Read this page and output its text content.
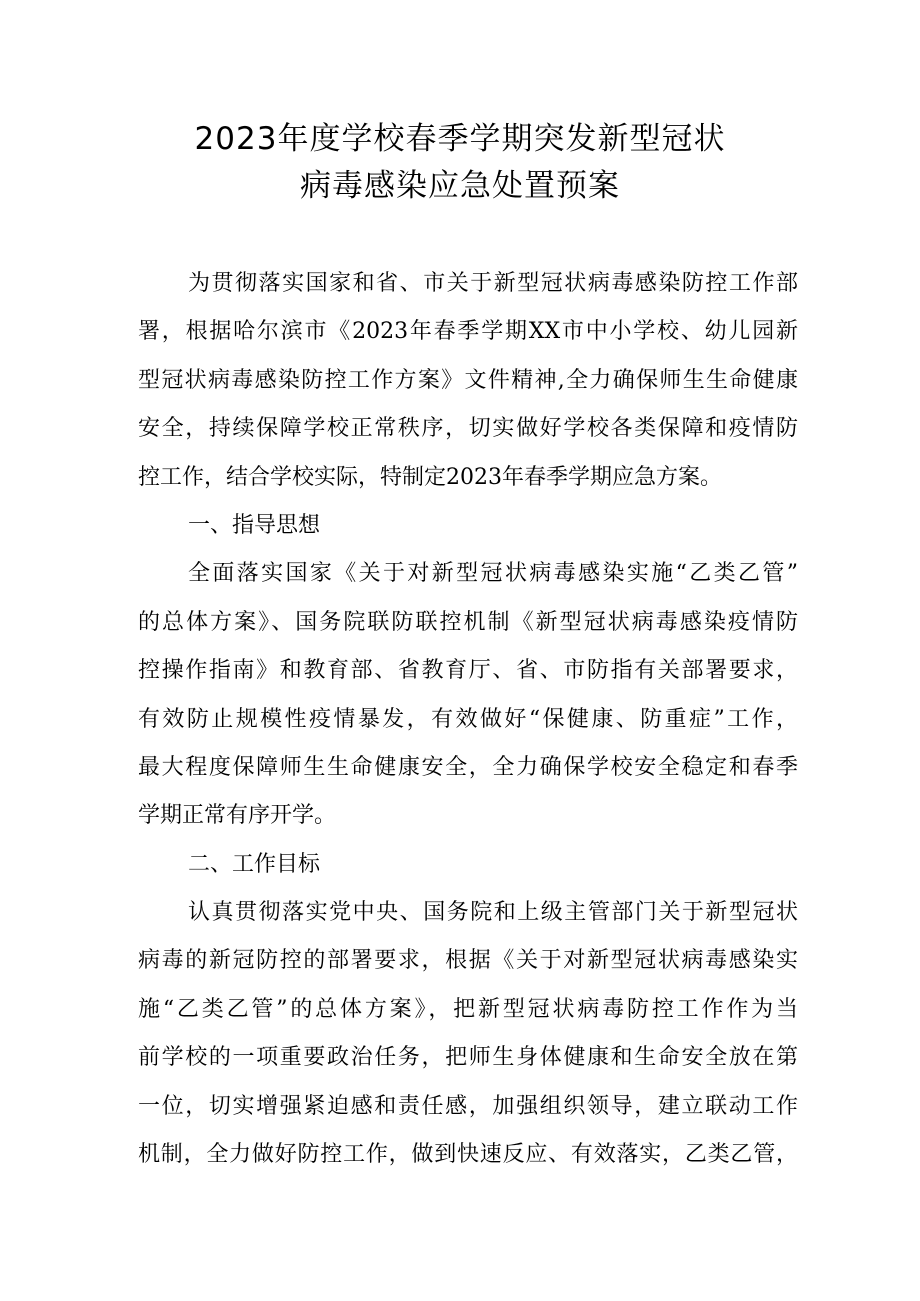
2023年度学校春季学期突发新型冠状
病毒感染应急处置预案
为贯彻落实国家和省、市关于新型冠状病毒感染防控工作部
署，根据哈尔滨市《2023年春季学期XX市中小学校、幼儿园新
型冠状病毒感染防控工作方案》文件精神,全力确保师生生命健康
安全，持续保障学校正常秩序，切实做好学校各类保障和疫情防
控工作，结合学校实际，特制定2023年春季学期应急方案。
一、指导思想
全面落实国家《关于对新型冠状病毒感染实施“乙类乙管”
的总体方案》、国务院联防联控机制《新型冠状病毒感染疫情防
控操作指南》和教育部、省教育厅、省、市防指有关部署要求，
有效防止规模性疫情暴发，有效做好“保健康、防重症”工作，
最大程度保障师生生命健康安全，全力确保学校安全稳定和春季
学期正常有序开学。
二、工作目标
认真贯彻落实党中央、国务院和上级主管部门关于新型冠状
病毒的新冠防控的部署要求，根据《关于对新型冠状病毒感染实
施“乙类乙管”的总体方案》，把新型冠状病毒防控工作作为当
前学校的一项重要政治任务，把师生身体健康和生命安全放在第
一位，切实增强紧迫感和责任感，加强组织领导，建立联动工作
机制，全力做好防控工作，做到快速反应、有效落实，乙类乙管，
